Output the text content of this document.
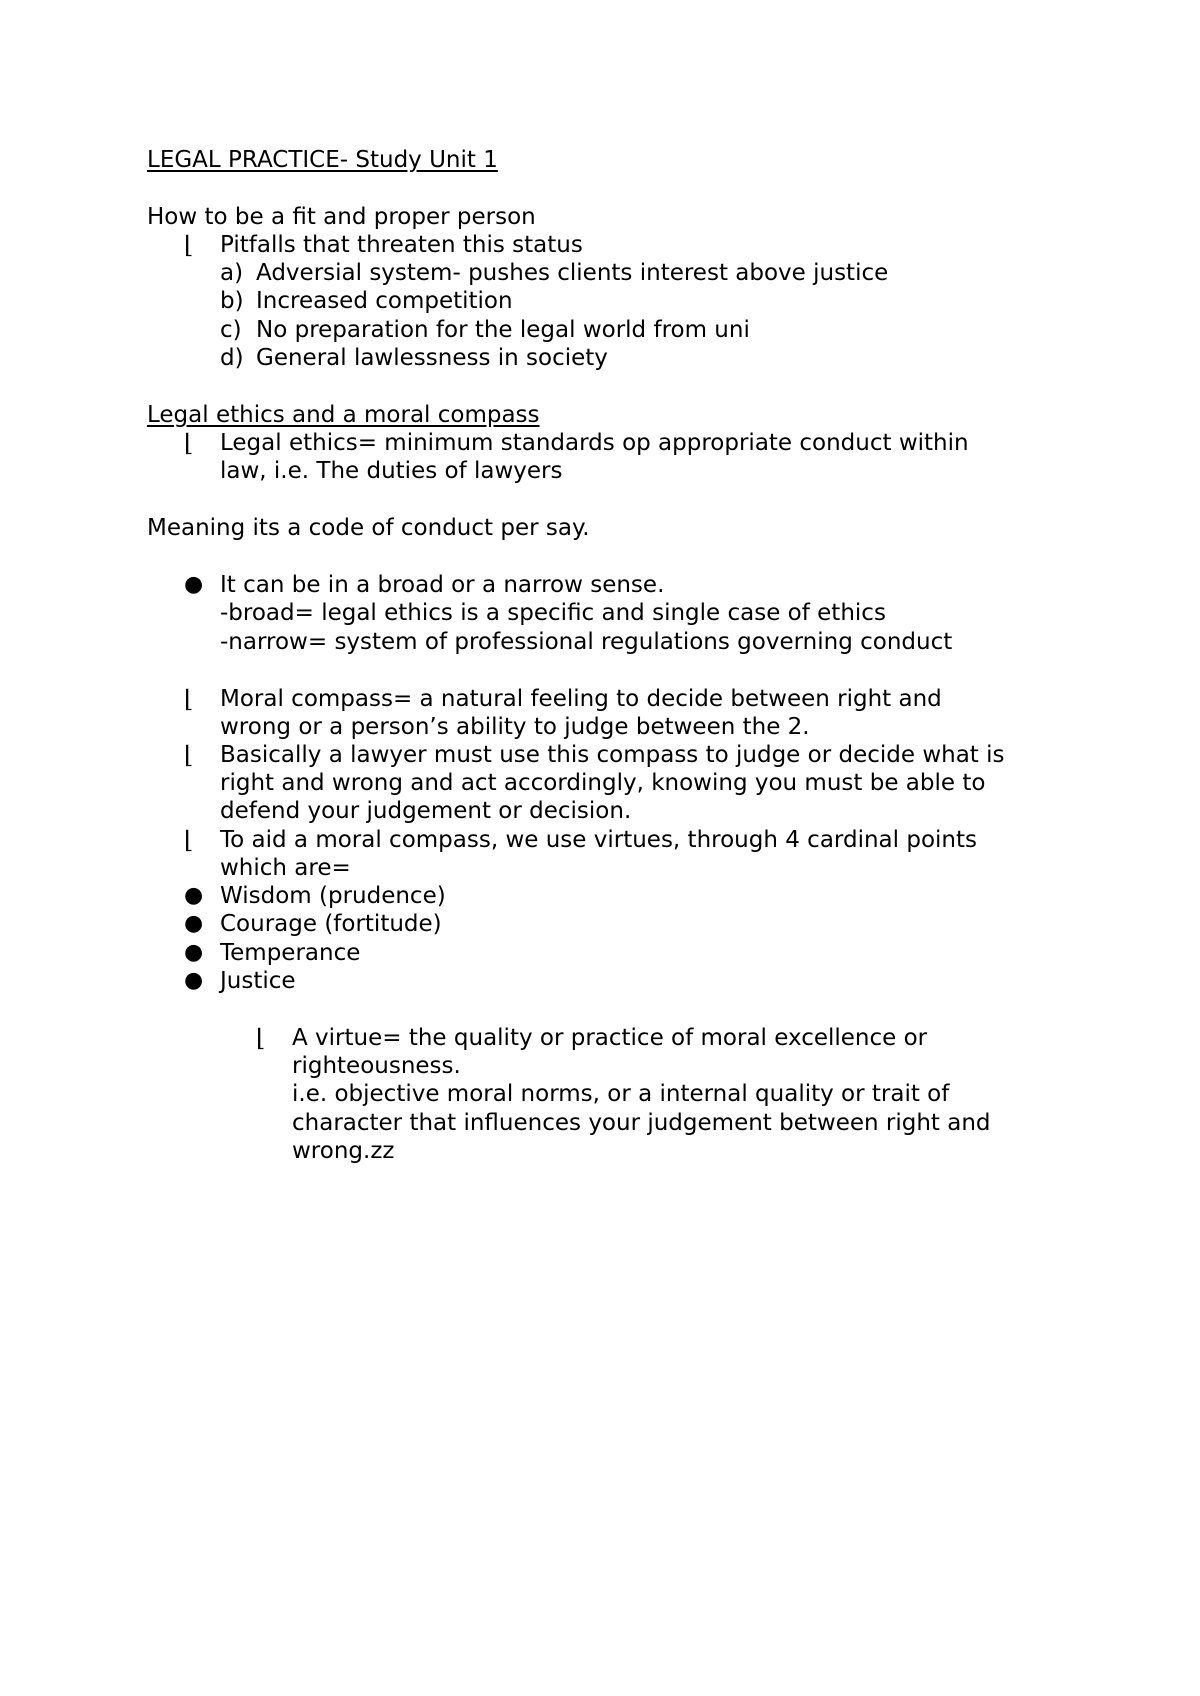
LEGAL PRACTICE- Study Unit 1
How to be a fit and proper person
⌊ Pitfalls that threaten this status
a) Adversial system- pushes clients interest above justice
b) Increased competition
c) No preparation for the legal world from uni
d) General lawlessness in society
Legal ethics and a moral compass
⌊ Legal ethics= minimum standards op appropriate conduct within
law, i.e. The duties of lawyers
Meaning its a code of conduct per say.
● It can be in a broad or a narrow sense.
-broad= legal ethics is a specific and single case of ethics
-narrow= system of professional regulations governing conduct
⌊ Moral compass= a natural feeling to decide between right and
wrong or a person’s ability to judge between the 2.
⌊ Basically a lawyer must use this compass to judge or decide what is
right and wrong and act accordingly, knowing you must be able to
defend your judgement or decision.
⌊ To aid a moral compass, we use virtues, through 4 cardinal points
which are=
● Wisdom (prudence)
● Courage (fortitude)
● Temperance
● Justice
⌊ A virtue= the quality or practice of moral excellence or
righteousness.
i.e. objective moral norms, or a internal quality or trait of
character that influences your judgement between right and
wrong.zz
